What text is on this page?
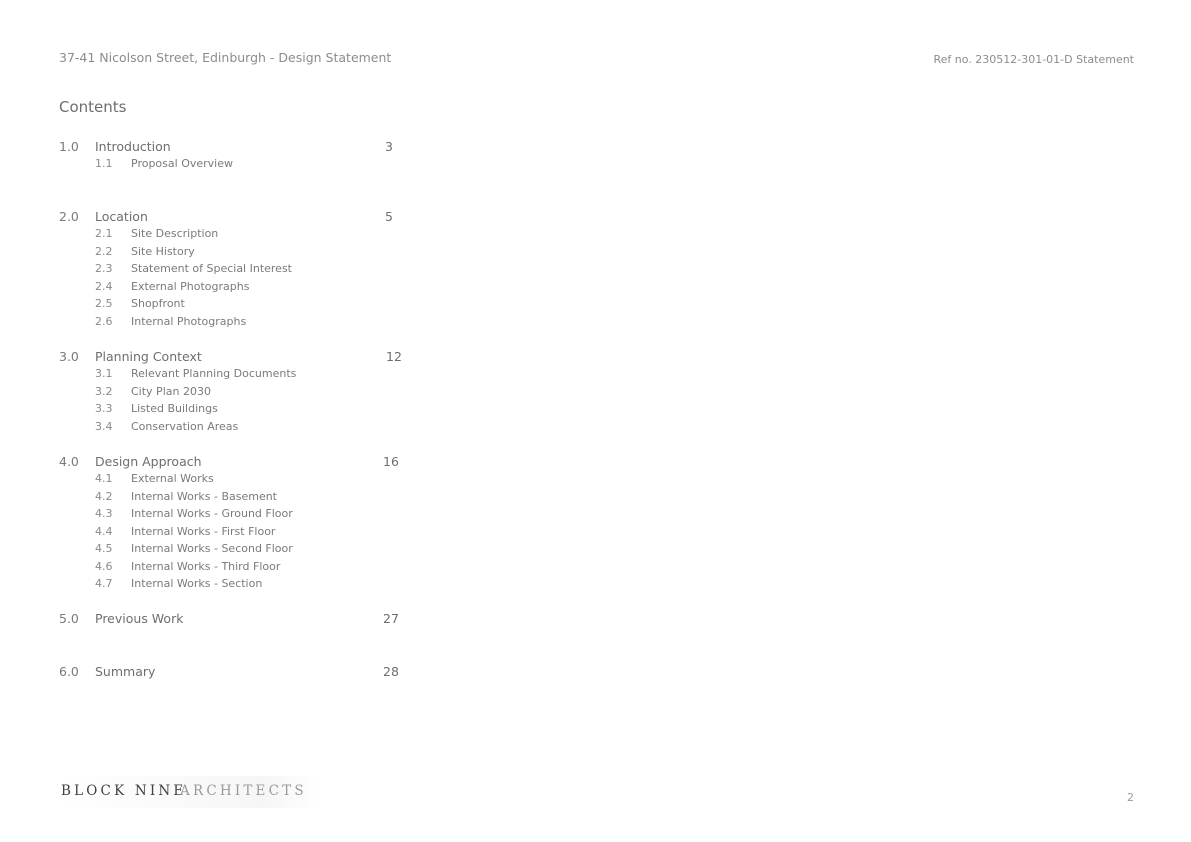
37-41 Nicolson Street, Edinburgh - Design Statement	Ref no. 230512-301-01-D Statement
Contents
1.0 Introduction	3
1.1 Proposal Overview
2.0 Location	5
2.1 Site Description
2.2 Site History
2.3 Statement of Special Interest
2.4 External Photographs
2.5 Shopfront
2.6 Internal Photographs
3.0 Planning Context	12
3.1 Relevant Planning Documents
3.2 City Plan 2030
3.3 Listed Buildings
3.4 Conservation Areas
4.0 Design Approach	16
4.1 External Works
4.2 Internal Works - Basement
4.3 Internal Works - Ground Floor
4.4 Internal Works - First Floor
4.5 Internal Works - Second Floor
4.6 Internal Works - Third Floor
4.7 Internal Works - Section
5.0 Previous Work	27
6.0 Summary	28
BLOCK NINE
ARCHITECTS	2
